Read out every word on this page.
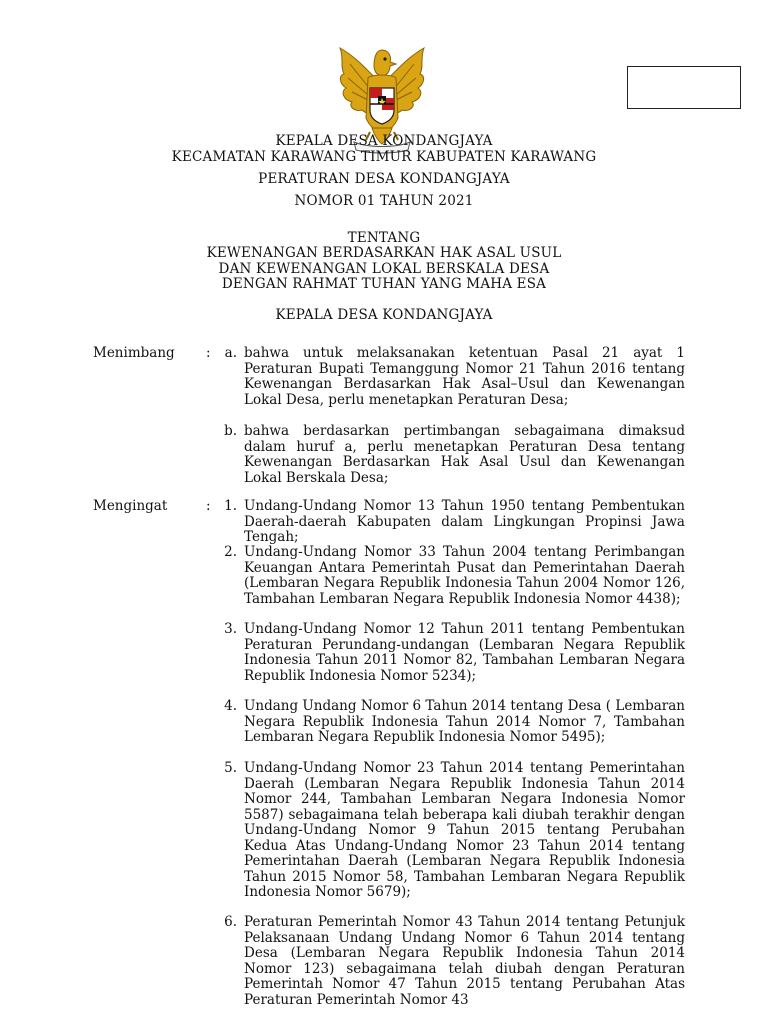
KEPALA DESA KONDANGJAYA
KECAMATAN KARAWANG TIMUR KABUPATEN KARAWANG
PERATURAN DESA KONDANGJAYA
NOMOR 01 TAHUN 2021
TENTANG
KEWENANGAN BERDASARKAN HAK ASAL USUL
DAN KEWENANGAN LOKAL BERSKALA DESA
DENGAN RAHMAT TUHAN YANG MAHA ESA
KEPALA DESA KONDANGJAYA
Menimbang :	a. bahwa untuk melaksanakan ketentuan Pasal 21 ayat 1 Peraturan Bupati Temanggung Nomor 21 Tahun 2016 tentang Kewenangan Berdasarkan Hak Asal–Usul dan Kewenangan Lokal Desa, perlu menetapkan Peraturan Desa;
b. bahwa berdasarkan pertimbangan sebagaimana dimaksud dalam huruf a, perlu menetapkan Peraturan Desa tentang Kewenangan Berdasarkan Hak Asal Usul dan Kewenangan Lokal Berskala Desa;
Mengingat	:	1. Undang-Undang Nomor 13 Tahun 1950 tentang Pembentukan Daerah-daerah Kabupaten dalam Lingkungan Propinsi Jawa Tengah;
2. Undang-Undang Nomor 33 Tahun 2004 tentang Perimbangan Keuangan Antara Pemerintah Pusat dan Pemerintahan Daerah (Lembaran Negara Republik Indonesia Tahun 2004 Nomor 126, Tambahan Lembaran Negara Republik Indonesia Nomor 4438);
3. Undang-Undang Nomor 12 Tahun 2011 tentang Pembentukan Peraturan Perundang-undangan (Lembaran Negara Republik Indonesia Tahun 2011 Nomor 82, Tambahan Lembaran Negara Republik Indonesia Nomor 5234);
4. Undang Undang Nomor 6 Tahun 2014 tentang Desa ( Lembaran Negara Republik Indonesia Tahun 2014 Nomor 7, Tambahan Lembaran Negara Republik Indonesia Nomor 5495);
5. Undang-Undang Nomor 23 Tahun 2014 tentang Pemerintahan Daerah (Lembaran Negara Republik Indonesia Tahun 2014 Nomor 244, Tambahan Lembaran Negara Indonesia Nomor 5587) sebagaimana telah beberapa kali diubah terakhir dengan Undang-Undang Nomor 9 Tahun 2015 tentang Perubahan Kedua Atas Undang-Undang Nomor 23 Tahun 2014 tentang Pemerintahan Daerah (Lembaran Negara Republik Indonesia Tahun 2015 Nomor 58, Tambahan Lembaran Negara Republik Indonesia Nomor 5679);
6. Peraturan Pemerintah Nomor 43 Tahun 2014 tentang Petunjuk Pelaksanaan Undang Undang Nomor 6 Tahun 2014 tentang Desa (Lembaran Negara Republik Indonesia Tahun 2014 Nomor 123) sebagaimana telah diubah dengan Peraturan Pemerintah Nomor 47 Tahun 2015 tentang Perubahan Atas Peraturan Pemerintah Nomor 43
